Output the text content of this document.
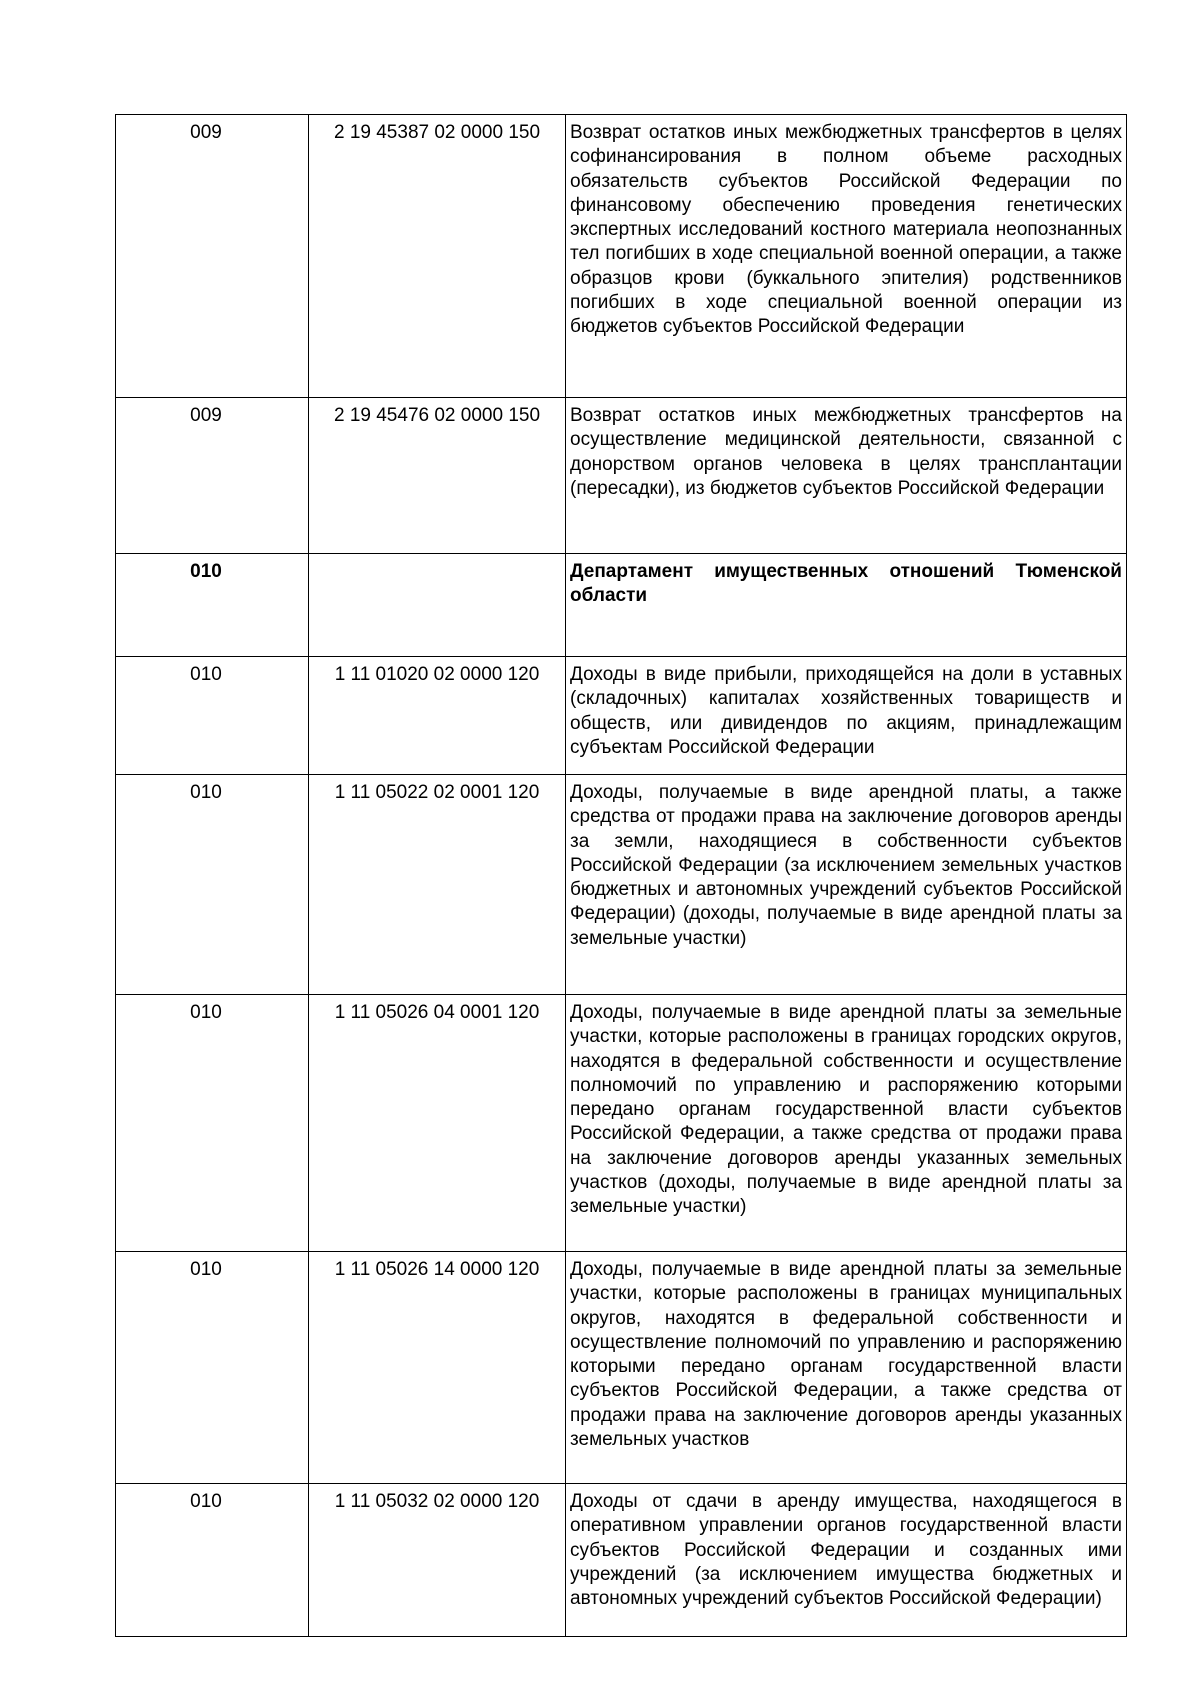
009	2 19 45387 02 0000 150	Возврат остатков иных межбюджетных трансфертов в целях софинансирования в полном объеме расходных обязательств субъектов Российской Федерации по финансовому обеспечению проведения генетических экспертных исследований костного материала неопознанных тел погибших в ходе специальной военной операции, а также образцов крови (буккального эпителия) родственников погибших в ходе специальной военной операции из бюджетов субъектов Российской Федерации
009	2 19 45476 02 0000 150	Возврат остатков иных межбюджетных трансфертов на осуществление медицинской деятельности, связанной с донорством органов человека в целях трансплантации (пересадки), из бюджетов субъектов Российской Федерации
010		Департамент имущественных отношений Тюменской области
010	1 11 01020 02 0000 120	Доходы в виде прибыли, приходящейся на доли в уставных (складочных) капиталах хозяйственных товариществ и обществ, или дивидендов по акциям, принадлежащим субъектам Российской Федерации
010	1 11 05022 02 0001 120	Доходы, получаемые в виде арендной платы, а также средства от продажи права на заключение договоров аренды за земли, находящиеся в собственности субъектов Российской Федерации (за исключением земельных участков бюджетных и автономных учреждений субъектов Российской Федерации) (доходы, получаемые в виде арендной платы за земельные участки)
010	1 11 05026 04 0001 120	Доходы, получаемые в виде арендной платы за земельные участки, которые расположены в границах городских округов, находятся в федеральной собственности и осуществление полномочий по управлению и распоряжению которыми передано органам государственной власти субъектов Российской Федерации, а также средства от продажи права на заключение договоров аренды указанных земельных участков (доходы, получаемые в виде арендной платы за земельные участки)
010	1 11 05026 14 0000 120	Доходы, получаемые в виде арендной платы за земельные участки, которые расположены в границах муниципальных округов, находятся в федеральной собственности и осуществление полномочий по управлению и распоряжению которыми передано органам государственной власти субъектов Российской Федерации, а также средства от продажи права на заключение договоров аренды указанных земельных участков
010	1 11 05032 02 0000 120	Доходы от сдачи в аренду имущества, находящегося в оперативном управлении органов государственной власти субъектов Российской Федерации и созданных ими учреждений (за исключением имущества бюджетных и автономных учреждений субъектов Российской Федерации)
